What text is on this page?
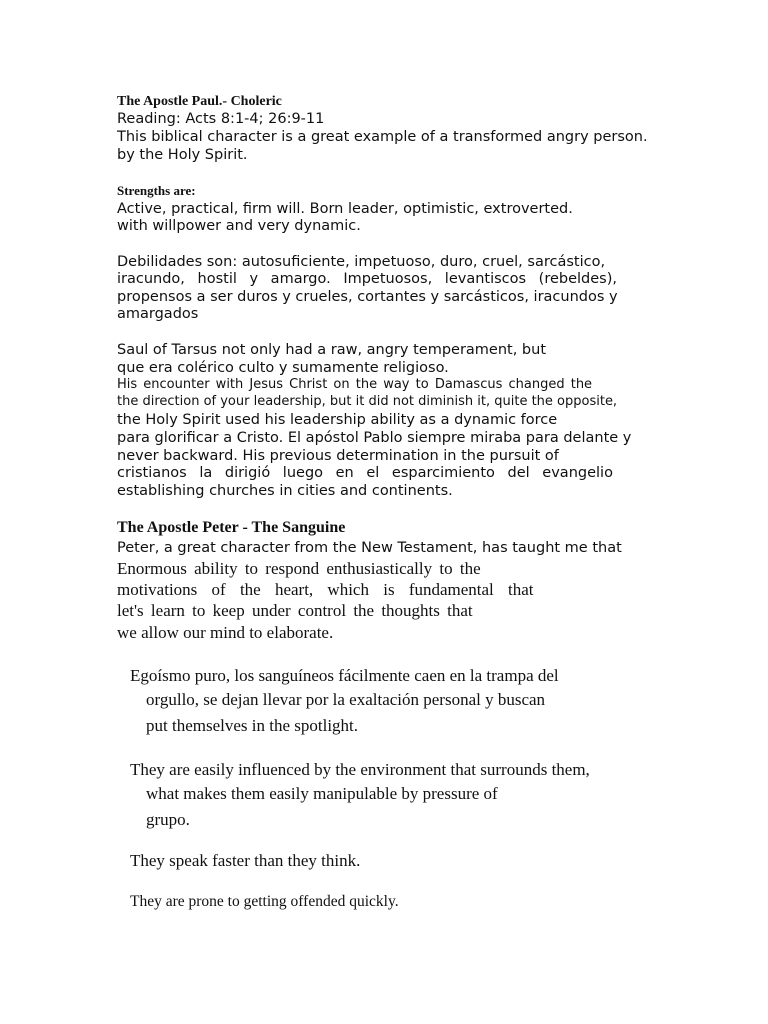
The Apostle Paul.- Choleric
Reading: Acts 8:1-4; 26:9-11
This biblical character is a great example of a transformed angry person.
by the Holy Spirit.
Strengths are:
Active, practical, firm will. Born leader, optimistic, extroverted.
with willpower and very dynamic.
Debilidades son: autosuficiente, impetuoso, duro, cruel, sarcástico,
iracundo, hostil y amargo. Impetuosos, levantiscos (rebeldes),
propensos a ser duros y crueles, cortantes y sarcásticos, iracundos y
amargados
Saul of Tarsus not only had a raw, angry temperament, but
que era colérico culto y sumamente religioso.
His encounter with Jesus Christ on the way to Damascus changed the
the direction of your leadership, but it did not diminish it, quite the opposite,
the Holy Spirit used his leadership ability as a dynamic force
para glorificar a Cristo. El apóstol Pablo siempre miraba para delante y
never backward. His previous determination in the pursuit of
cristianos la dirigió luego en el esparcimiento del evangelio
establishing churches in cities and continents.
The Apostle Peter - The Sanguine
Peter, a great character from the New Testament, has taught me that
Enormous ability to respond enthusiastically to the
motivations of the heart, which is fundamental that
let's learn to keep under control the thoughts that
we allow our mind to elaborate.
Egoísmo puro, los sanguíneos fácilmente caen en la trampa del
orgullo, se dejan llevar por la exaltación personal y buscan
put themselves in the spotlight.
They are easily influenced by the environment that surrounds them,
what makes them easily manipulable by pressure of
grupo.
They speak faster than they think.
They are prone to getting offended quickly.
